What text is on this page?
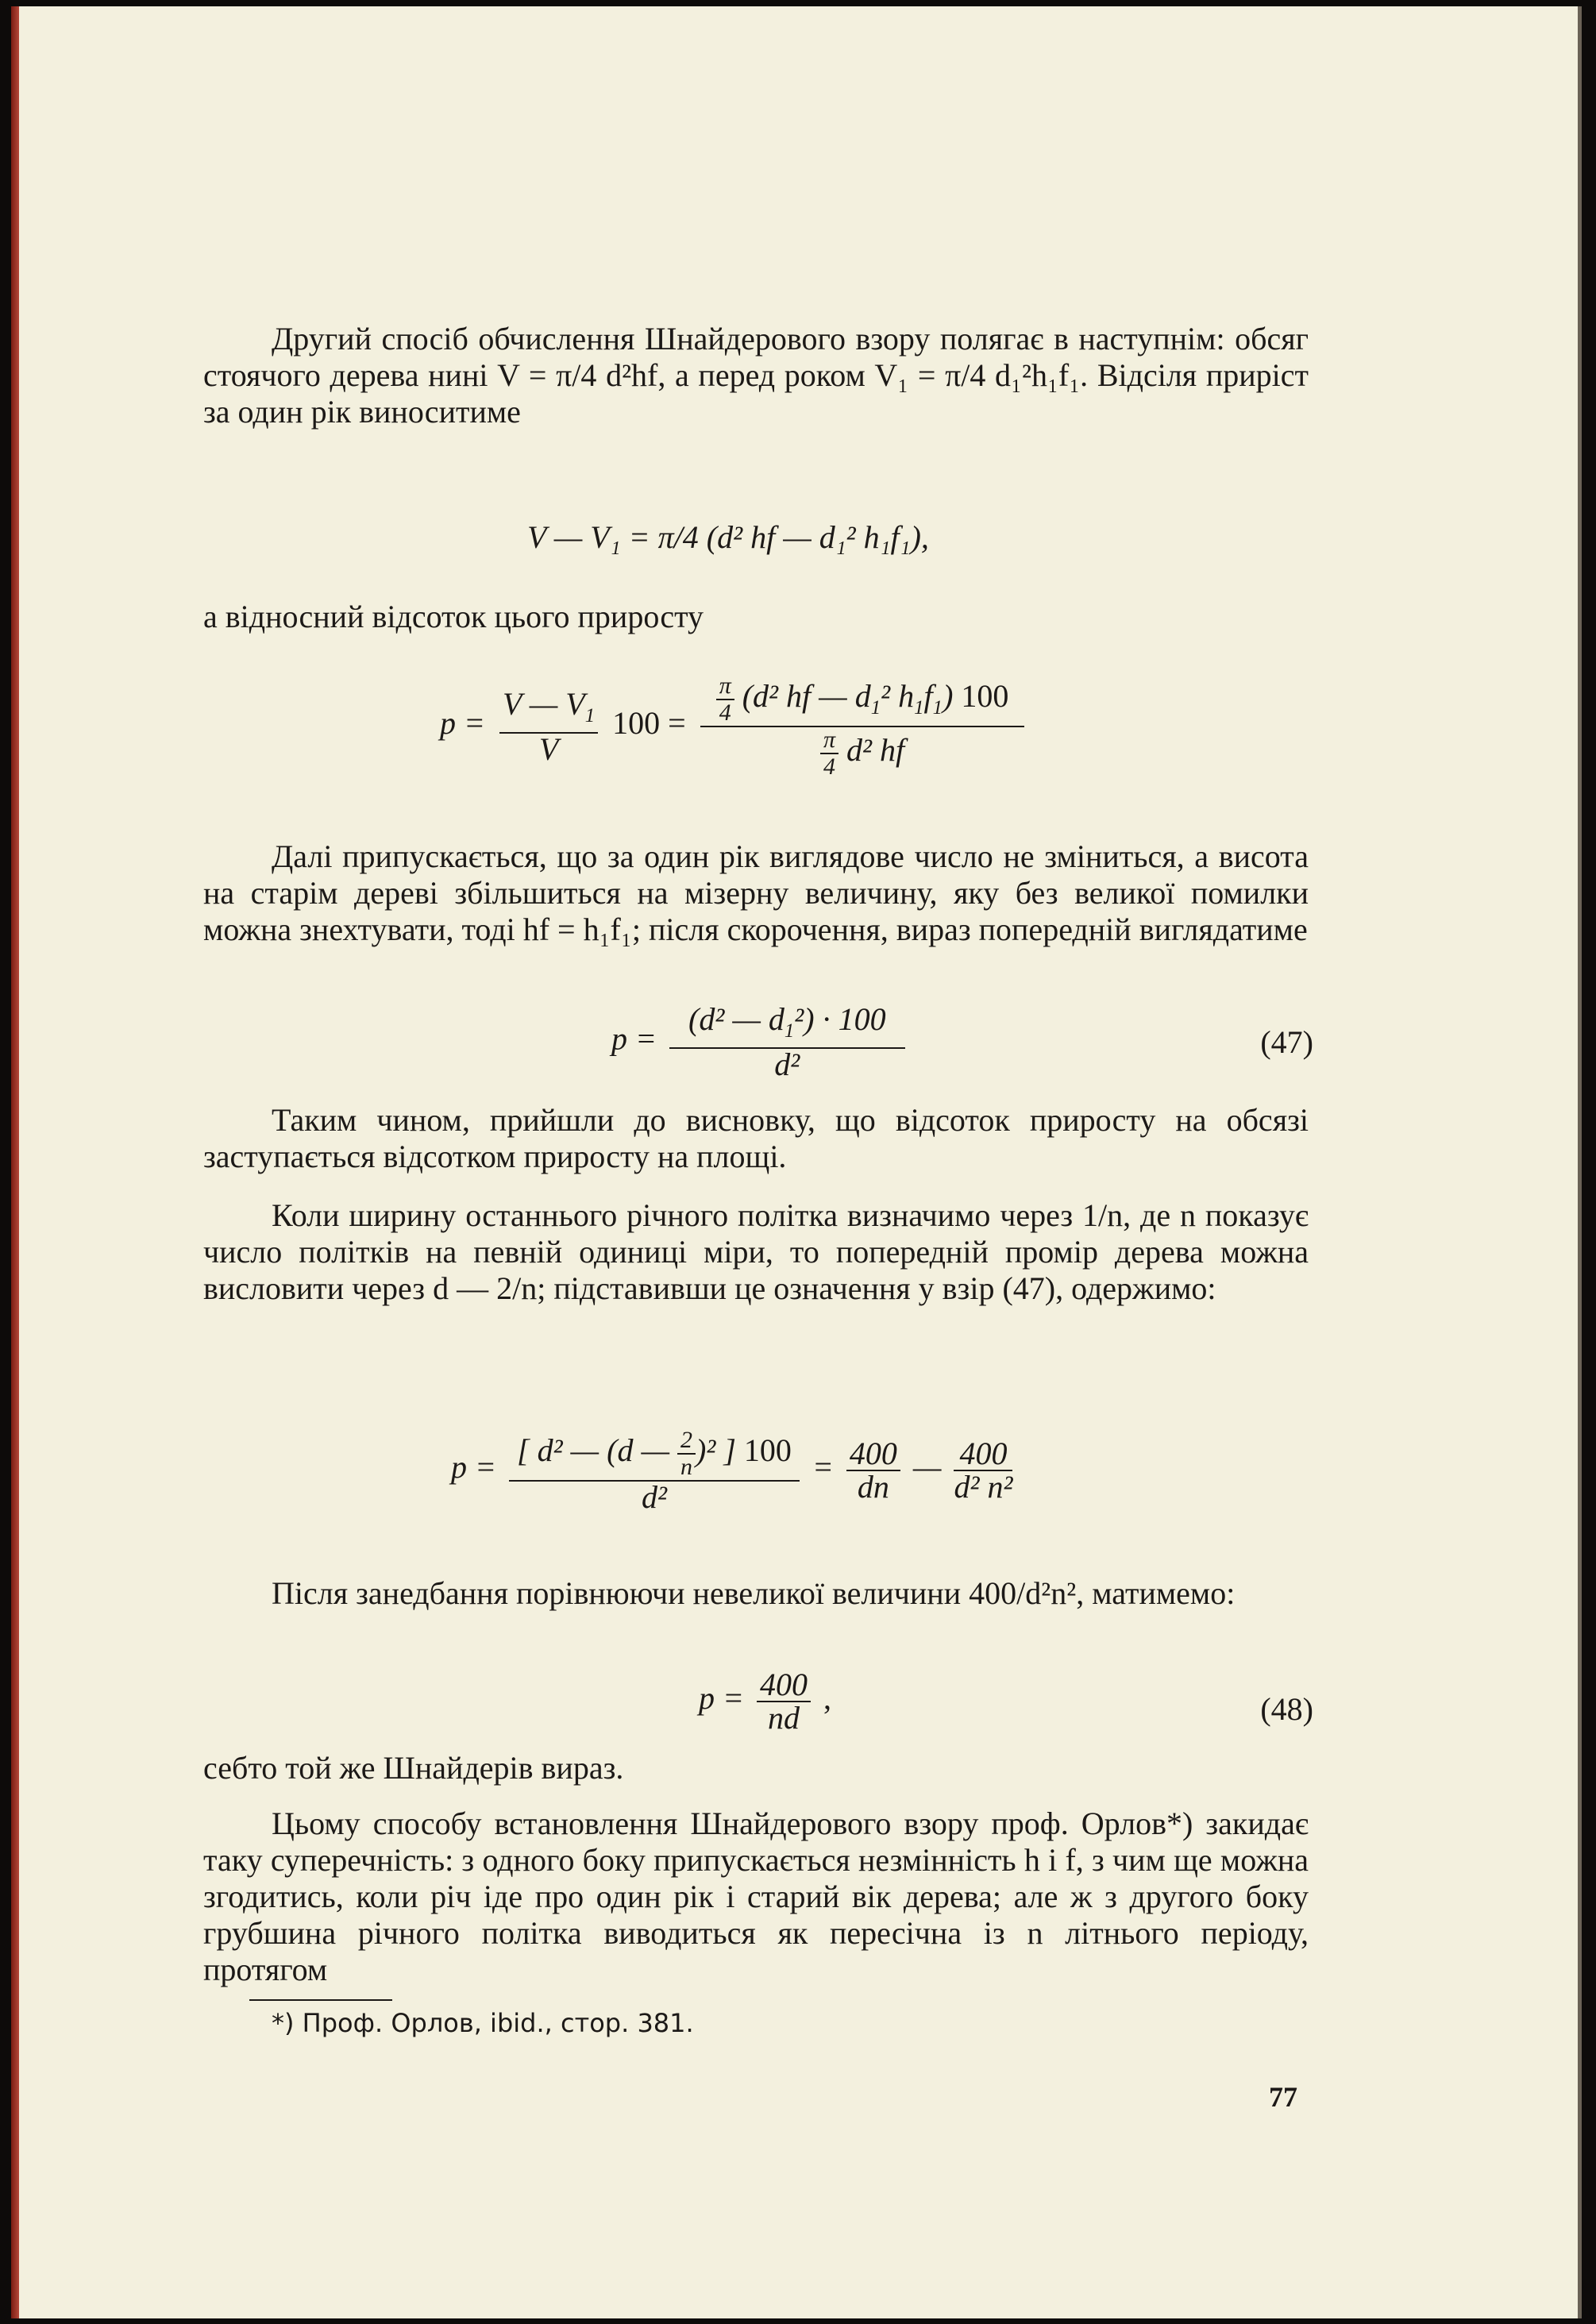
Другий спосіб обчислення Шнайдерового взору полягає в наступнім: обсяг стоячого дерева нині V = π/4 d²hf, а перед роком V₁ = π/4 d₁²h₁f₁. Відсіля приріст за один рік виноситиме

V — V₁ = π/4 (d² hf — d₁² h₁f₁),

а відносний відсоток цього приросту

$p = \frac{V — V_1}{V} 100 = \frac{\frac{\pi}{4} (d^2 hf — d_1^2 h_1f_1) 100}{\frac{\pi}{4} d^2 hf}$

Далі припускається, що за один рік виглядове число не зміниться, а висота на старім дереві збільшиться на мізерну величину, яку без великої помилки можна знехтувати, тоді hf = h₁f₁; після скорочення, вираз попередній виглядатиме

$p = \frac{(d^2 — d_1^2) \cdot 100}{\text{d²}}$	(47)

Таким чином, прийшли до висновку, що відсоток приросту на обсязі заступається відсотком приросту на площі.

Коли ширину останнього річного політка визначимо через 1/n, де n показує число політків на певній одиниці міри, то попередній промір дерева можна висловити через d — 2/n; підставивши це означення у взір (47), одержимо:

$p = \frac{[ d^2 — (d — \frac{2}{n} )^2 ] 100}{\text{d²}} = \frac{400}{dn}$ — $\frac{400}{\text{d² n²}}$

Після занедбання порівнюючи невеликої величини 400/d²n², матимемо:

$p = \frac{400}{nd}$ ,	(48)

себто той же Шнайдерів вираз.

Цьому способу встановлення Шнайдерового взору проф. Орлов*) закидає таку суперечність: з одного боку припускається незмінність h і f, з чим ще можна згодитись, коли річ іде про один рік і старий вік дерева; але ж з другого боку грубшина річного політка виводиться як пересічна із n літнього періоду, протягом

*) Проф. Орлов, ibid., стор. 381.
77
